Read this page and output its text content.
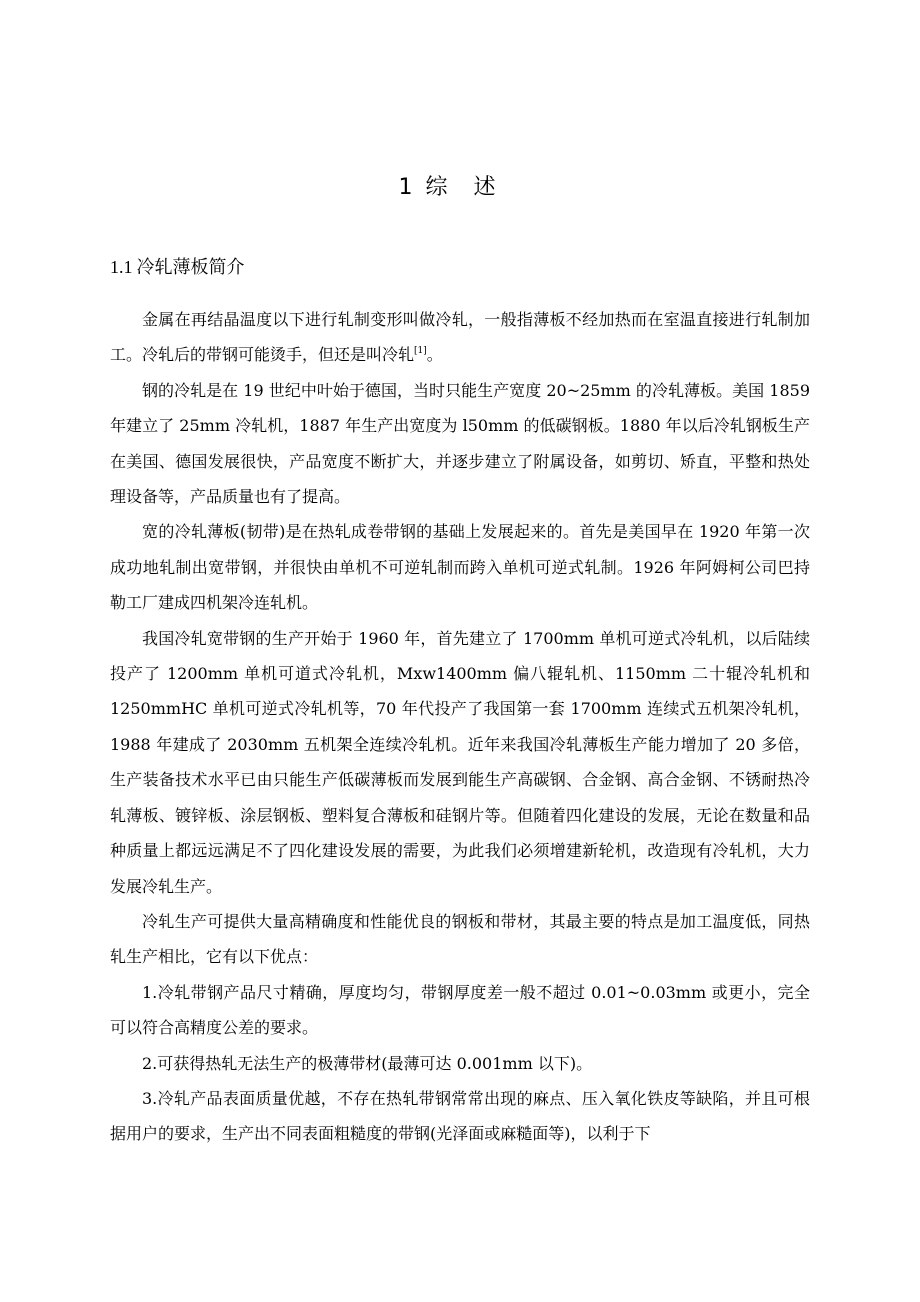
1 综述
1.1 冷轧薄板简介

金属在再结晶温度以下进行轧制变形叫做冷轧，一般指薄板不经加热而在室温直接进行轧制加工。冷轧后的带钢可能烫手，但还是叫冷轧[1]。

钢的冷轧是在 19 世纪中叶始于德国，当时只能生产宽度 20~25mm 的冷轧薄板。美国 1859 年建立了 25mm 冷轧机，1887 年生产出宽度为 l50mm 的低碳钢板。1880 年以后冷轧钢板生产在美国、德国发展很快，产品宽度不断扩大，并逐步建立了附属设备，如剪切、矫直，平整和热处理设备等，产品质量也有了提高。

宽的冷轧薄板(韧带)是在热轧成卷带钢的基础上发展起来的。首先是美国早在 1920 年第一次成功地轧制出宽带钢，并很快由单机不可逆轧制而跨入单机可逆式轧制。1926 年阿姆柯公司巴持勒工厂建成四机架冷连轧机。

我国冷轧宽带钢的生产开始于 1960 年，首先建立了 1700mm 单机可逆式冷轧机，以后陆续投产了 1200mm 单机可道式冷轧机，Mxw1400mm 偏八辊轧机、1150mm 二十辊冷轧机和 1250mmHC 单机可逆式冷轧机等，70 年代投产了我国第一套 1700mm 连续式五机架冷轧机，1988 年建成了 2030mm 五机架全连续冷轧机。近年来我国冷轧薄板生产能力增加了 20 多倍，生产装备技术水平已由只能生产低碳薄板而发展到能生产高碳钢、合金钢、高合金钢、不锈耐热冷轧薄板、镀锌板、涂层钢板、塑料复合薄板和硅钢片等。但随着四化建设的发展，无论在数量和品种质量上都远远满足不了四化建设发展的需要，为此我们必须增建新轮机，改造现有冷轧机，大力发展冷轧生产。

冷轧生产可提供大量高精确度和性能优良的钢板和带材，其最主要的特点是加工温度低，同热轧生产相比，它有以下优点：

1.冷轧带钢产品尺寸精确，厚度均匀，带钢厚度差一般不超过 0.01~0.03mm 或更小，完全可以符合高精度公差的要求。

2.可获得热轧无法生产的极薄带材(最薄可达 0.001mm 以下)。

3.冷轧产品表面质量优越，不存在热轧带钢常常出现的麻点、压入氧化铁皮等缺陷，并且可根据用户的要求，生产出不同表面粗糙度的带钢(光泽面或麻糙面等)，以利于下
